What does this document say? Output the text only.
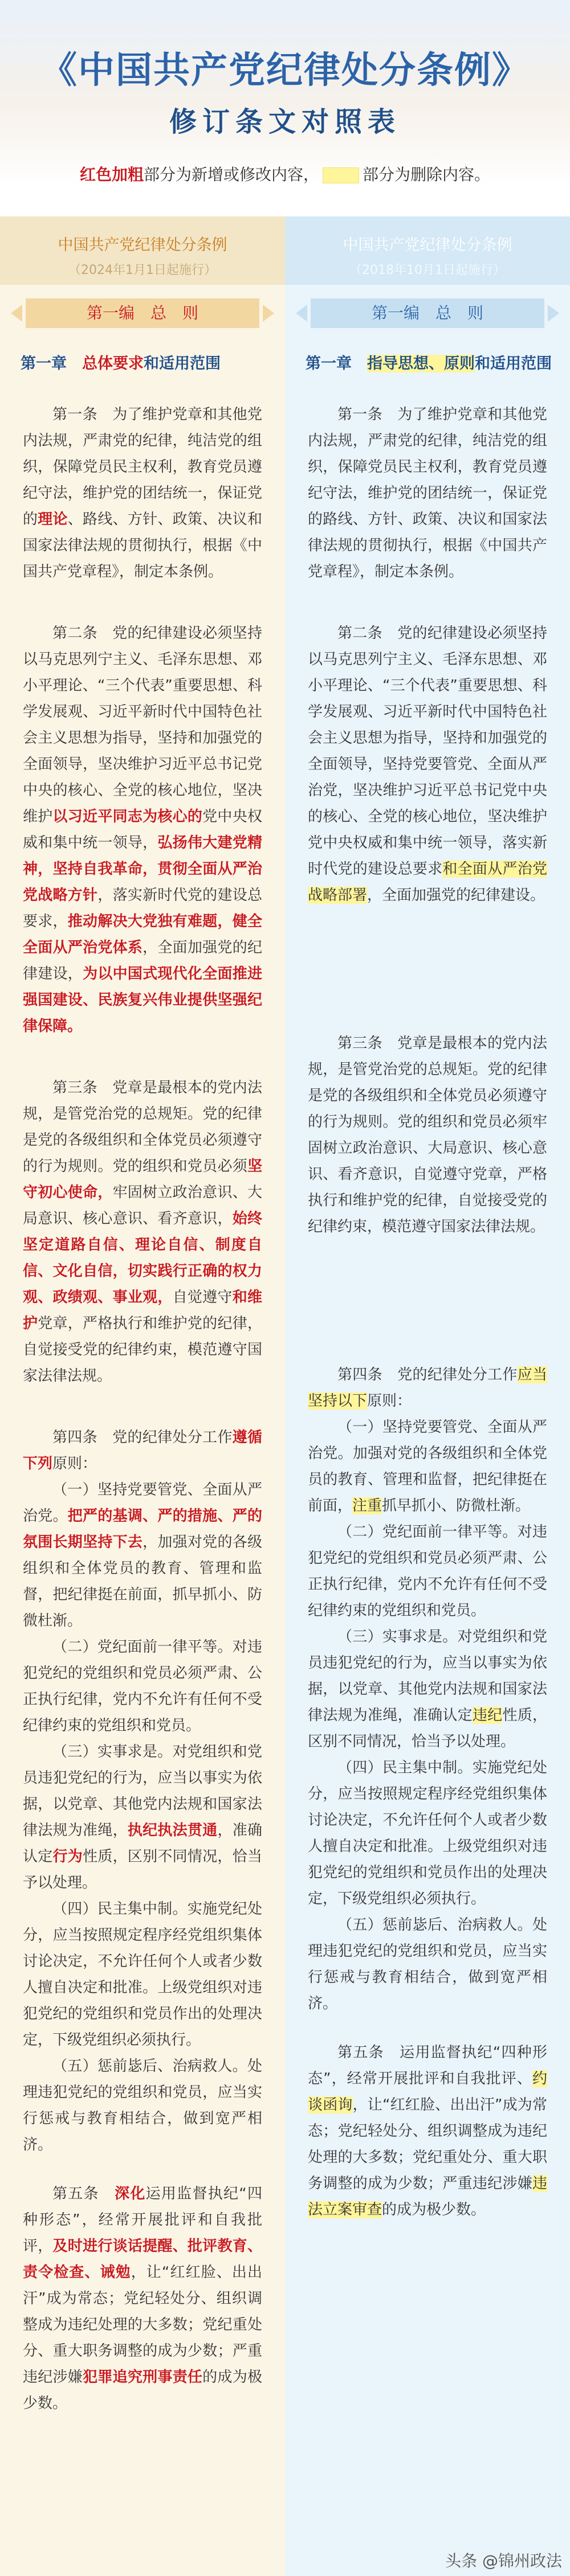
《中国共产党纪律处分条例》
修订条文对照表
红色加粗部分为新增或修改内容，	部分为删除内容。
中国共产党纪律处分条例
（2024年1月1日起施行）
第一编　总　则
第一章　总体要求和适用范围

第一条　为了维护党章和其他党内法规，严肃党的纪律，纯洁党的组织，保障党员民主权利，教育党员遵纪守法，维护党的团结统一，保证党的理论、路线、方针、政策、决议和国家法律法规的贯彻执行，根据《中国共产党章程》，制定本条例。

第二条　党的纪律建设必须坚持以马克思列宁主义、毛泽东思想、邓小平理论、“三个代表”重要思想、科学发展观、习近平新时代中国特色社会主义思想为指导，坚持和加强党的全面领导，坚决维护习近平总书记党中央的核心、全党的核心地位，坚决维护以习近平同志为核心的党中央权威和集中统一领导，弘扬伟大建党精神，坚持自我革命，贯彻全面从严治党战略方针，落实新时代党的建设总要求，推动解决大党独有难题，健全全面从严治党体系，全面加强党的纪律建设，为以中国式现代化全面推进强国建设、民族复兴伟业提供坚强纪律保障。

第三条　党章是最根本的党内法规，是管党治党的总规矩。党的纪律是党的各级组织和全体党员必须遵守的行为规则。党的组织和党员必须坚守初心使命，牢固树立政治意识、大局意识、核心意识、看齐意识，始终坚定道路自信、理论自信、制度自信、文化自信，切实践行正确的权力观、政绩观、事业观，自觉遵守和维护党章，严格执行和维护党的纪律，自觉接受党的纪律约束，模范遵守国家法律法规。

第四条　党的纪律处分工作遵循下列原则：

（一）坚持党要管党、全面从严治党。把严的基调、严的措施、严的氛围长期坚持下去，加强对党的各级组织和全体党员的教育、管理和监督，把纪律挺在前面，抓早抓小、防微杜渐。

（二）党纪面前一律平等。对违犯党纪的党组织和党员必须严肃、公正执行纪律，党内不允许有任何不受纪律约束的党组织和党员。

（三）实事求是。对党组织和党员违犯党纪的行为，应当以事实为依据，以党章、其他党内法规和国家法律法规为准绳，执纪执法贯通，准确认定行为性质，区别不同情况，恰当予以处理。

（四）民主集中制。实施党纪处分，应当按照规定程序经党组织集体讨论决定，不允许任何个人或者少数人擅自决定和批准。上级党组织对违犯党纪的党组织和党员作出的处理决定，下级党组织必须执行。

（五）惩前毖后、治病救人。处理违犯党纪的党组织和党员，应当实行惩戒与教育相结合，做到宽严相济。

第五条　深化运用监督执纪“四种形态”，经常开展批评和自我批评，及时进行谈话提醒、批评教育、责令检查、诫勉，让“红红脸、出出汗”成为常态；党纪轻处分、组织调整成为违纪处理的大多数；党纪重处分、重大职务调整的成为少数；严重违纪涉嫌犯罪追究刑事责任的成为极少数。

中国共产党纪律处分条例
（2018年10月1日起施行）
第一编　总　则
第一章　指导思想、原则和适用范围

第一条　为了维护党章和其他党内法规，严肃党的纪律，纯洁党的组织，保障党员民主权利，教育党员遵纪守法，维护党的团结统一，保证党的路线、方针、政策、决议和国家法律法规的贯彻执行，根据《中国共产党章程》，制定本条例。

第二条　党的纪律建设必须坚持以马克思列宁主义、毛泽东思想、邓小平理论、“三个代表”重要思想、科学发展观、习近平新时代中国特色社会主义思想为指导，坚持和加强党的全面领导，坚持党要管党、全面从严治党，坚决维护习近平总书记党中央的核心、全党的核心地位，坚决维护党中央权威和集中统一领导，落实新时代党的建设总要求和全面从严治党战略部署，全面加强党的纪律建设。

第三条　党章是最根本的党内法规，是管党治党的总规矩。党的纪律是党的各级组织和全体党员必须遵守的行为规则。党的组织和党员必须牢固树立政治意识、大局意识、核心意识、看齐意识，自觉遵守党章，严格执行和维护党的纪律，自觉接受党的纪律约束，模范遵守国家法律法规。

第四条　党的纪律处分工作应当坚持以下原则：

（一）坚持党要管党、全面从严治党。加强对党的各级组织和全体党员的教育、管理和监督，把纪律挺在前面，注重抓早抓小、防微杜渐。

（二）党纪面前一律平等。对违犯党纪的党组织和党员必须严肃、公正执行纪律，党内不允许有任何不受纪律约束的党组织和党员。

（三）实事求是。对党组织和党员违犯党纪的行为，应当以事实为依据，以党章、其他党内法规和国家法律法规为准绳，准确认定违纪性质，区别不同情况，恰当予以处理。

（四）民主集中制。实施党纪处分，应当按照规定程序经党组织集体讨论决定，不允许任何个人或者少数人擅自决定和批准。上级党组织对违犯党纪的党组织和党员作出的处理决定，下级党组织必须执行。

（五）惩前毖后、治病救人。处理违犯党纪的党组织和党员，应当实行惩戒与教育相结合，做到宽严相济。

第五条　运用监督执纪“四种形态”，经常开展批评和自我批评、约谈函询，让“红红脸、出出汗”成为常态；党纪轻处分、组织调整成为违纪处理的大多数；党纪重处分、重大职务调整的成为少数；严重违纪涉嫌违法立案审查的成为极少数。

头条 @锦州政法
